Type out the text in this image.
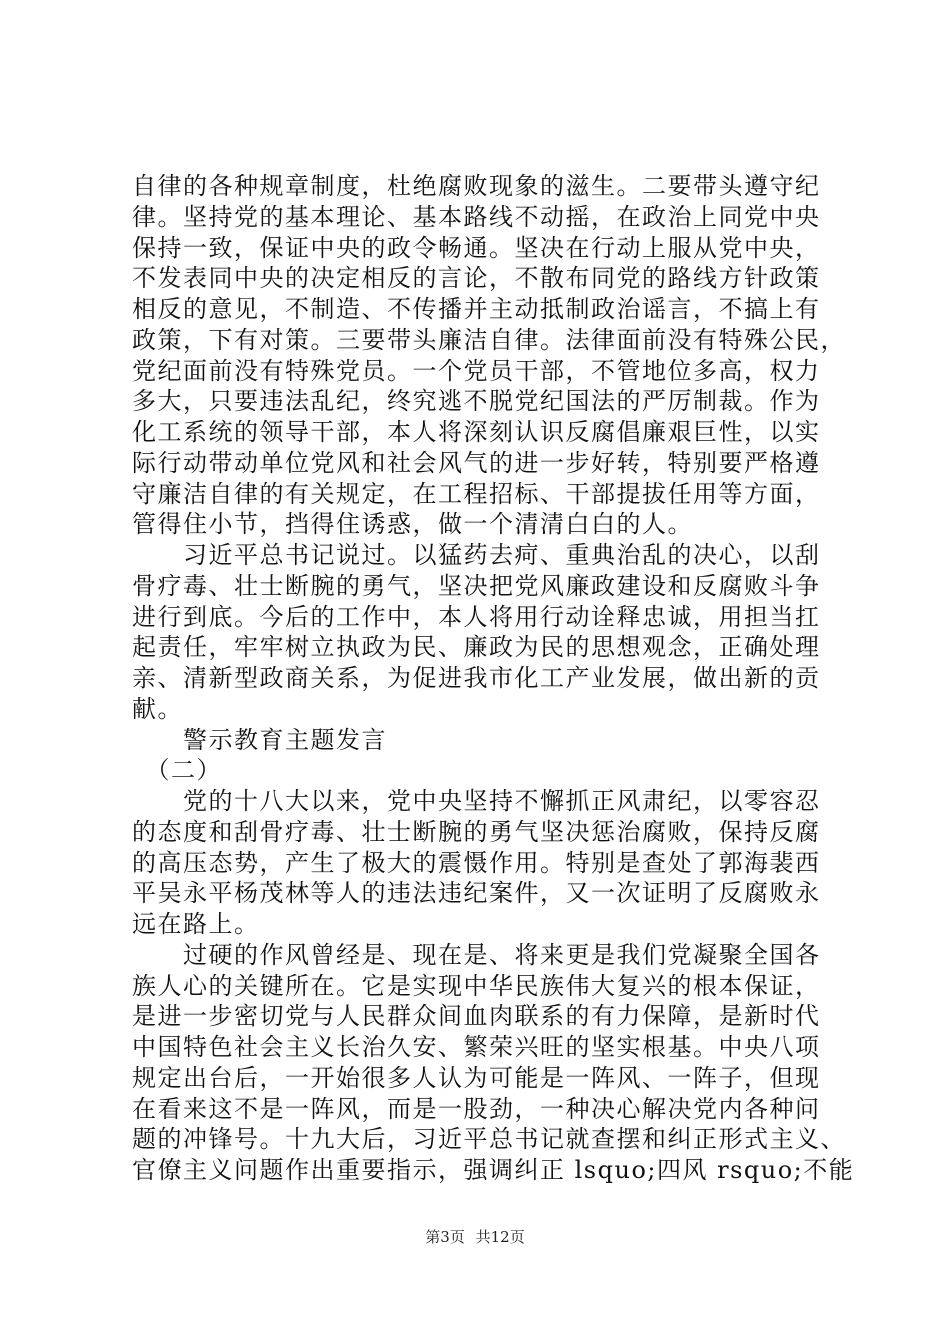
自律的各种规章制度，杜绝腐败现象的滋生。二要带头遵守纪
律。坚持党的基本理论、基本路线不动摇，在政治上同党中央
保持一致，保证中央的政令畅通。坚决在行动上服从党中央，
不发表同中央的决定相反的言论，不散布同党的路线方针政策
相反的意见，不制造、不传播并主动抵制政治谣言，不搞上有
政策，下有对策。三要带头廉洁自律。法律面前没有特殊公民，
党纪面前没有特殊党员。一个党员干部，不管地位多高，权力
多大，只要违法乱纪，终究逃不脱党纪国法的严厉制裁。作为
化工系统的领导干部，本人将深刻认识反腐倡廉艰巨性，以实
际行动带动单位党风和社会风气的进一步好转，特别要严格遵
守廉洁自律的有关规定，在工程招标、干部提拔任用等方面，
管得住小节，挡得住诱惑，做一个清清白白的人。
　　习近平总书记说过。以猛药去疴、重典治乱的决心，以刮
骨疗毒、壮士断腕的勇气，坚决把党风廉政建设和反腐败斗争
进行到底。今后的工作中，本人将用行动诠释忠诚，用担当扛
起责任，牢牢树立执政为民、廉政为民的思想观念，正确处理
亲、清新型政商关系，为促进我市化工产业发展，做出新的贡
献。
　　警示教育主题发言
　（二）
　　党的十八大以来，党中央坚持不懈抓正风肃纪，以零容忍
的态度和刮骨疗毒、壮士断腕的勇气坚决惩治腐败，保持反腐
的高压态势，产生了极大的震慑作用。特别是查处了郭海裴西
平吴永平杨茂林等人的违法违纪案件，又一次证明了反腐败永
远在路上。
　　过硬的作风曾经是、现在是、将来更是我们党凝聚全国各
族人心的关键所在。它是实现中华民族伟大复兴的根本保证，
是进一步密切党与人民群众间血肉联系的有力保障，是新时代
中国特色社会主义长治久安、繁荣兴旺的坚实根基。中央八项
规定出台后，一开始很多人认为可能是一阵风、一阵子，但现
在看来这不是一阵风，而是一股劲，一种决心解决党内各种问
题的冲锋号。十九大后，习近平总书记就查摆和纠正形式主义、
官僚主义问题作出重要指示，强调纠正 lsquo;四风 rsquo;不能
第3页 共12页
